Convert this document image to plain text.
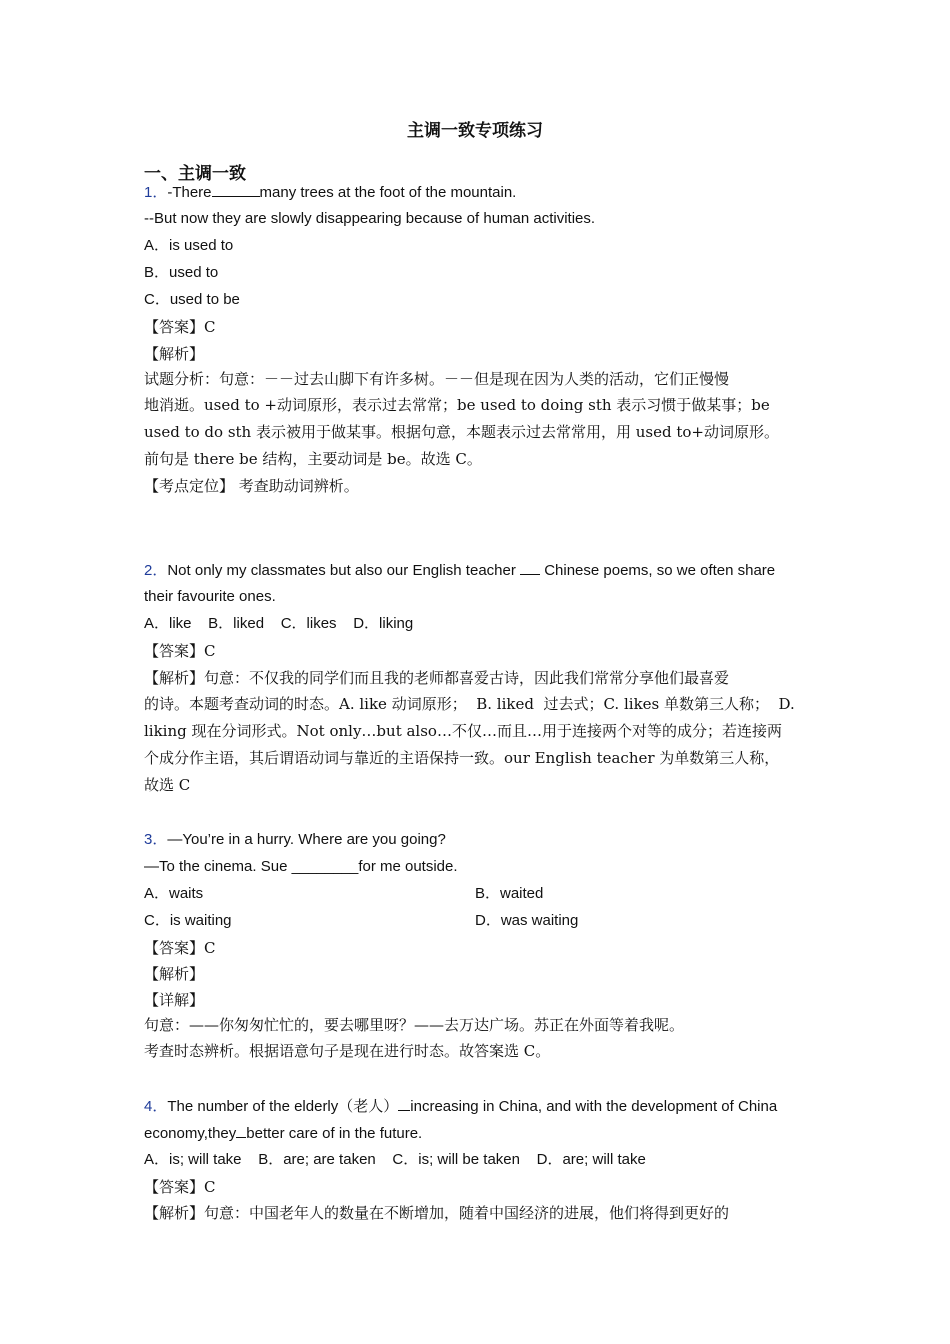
主调一致专项练习
一、主调一致
1．-There	many trees at the foot of the mountain.
--But now they are slowly disappearing because of human activities.
A．is used to
B．used to
C．used to be
【答案】C
【解析】
试题分析：句意：－－过去山脚下有许多树。－－但是现在因为人类的活动，它们正慢慢
地消逝。used to +动词原形，表示过去常常；be used to doing sth 表示习惯于做某事；be
used to do sth 表示被用于做某事。根据句意，本题表示过去常常用，用 used to+动词原形。
前句是 there be 结构，主要动词是 be。故选 C。
【考点定位】 考查助动词辨析。
2．Not only my classmates but also our English teacher Chinese poems, so we often share
their favourite ones.
A．like    B．liked    C．likes    D．liking
【答案】C
【解析】句意：不仅我的同学们而且我的老师都喜爱古诗，因此我们常常分享他们最喜爱
的诗。本题考查动词的时态。A. like 动词原形；  B. liked  过去式；C. likes 单数第三人称；  D.
liking 现在分词形式。Not only…but also…不仅…而且…用于连接两个对等的成分；若连接两
个成分作主语，其后谓语动词与靠近的主语保持一致。our English teacher 为单数第三人称，
故选 C
3．—You’re in a hurry. Where are you going?
—To the cinema. Sue ________for me outside.
A．waits	B．waited
C．is waiting	D．was waiting
【答案】C
【解析】
【详解】
句意：——你匆匆忙忙的，要去哪里呀？——去万达广场。苏正在外面等着我呢。
考查时态辨析。根据语意句子是现在进行时态。故答案选 C。
4．The number of the elderly（老人） increasing in China, and with the development of China
economy,they better care of in the future.
A．is; will take    B．are; are taken    C．is; will be taken    D．are; will take
【答案】C
【解析】句意：中国老年人的数量在不断增加，随着中国经济的进展，他们将得到更好的
